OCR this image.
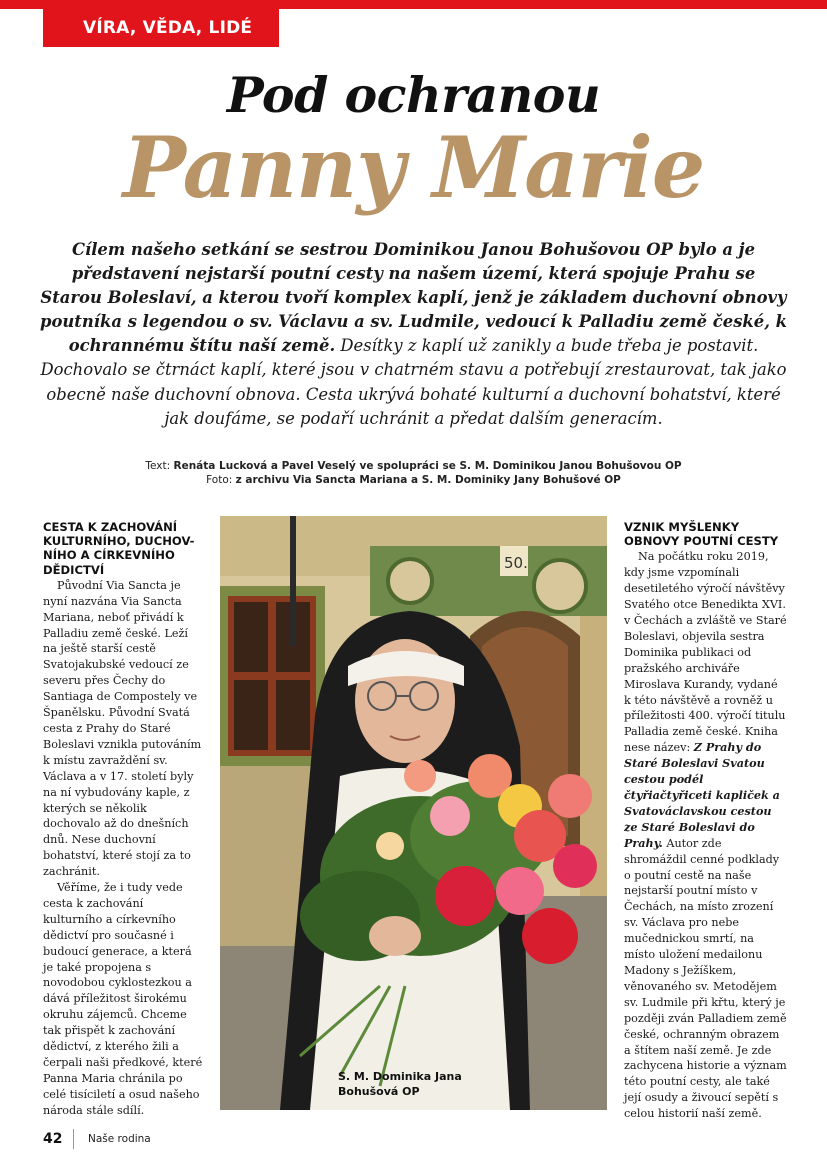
VÍRA, VĚDA, LIDÉ
Pod ochranou
Panny Marie

Cílem našeho setkání se sestrou Dominikou Janou Bohušovou OP bylo a je představení nejstarší poutní cesty na našem území, která spojuje Prahu se Starou Boleslaví, a kterou tvoří komplex kaplí, jenž je základem duchovní obnovy poutníka s legendou o sv. Václavu a sv. Ludmile, vedoucí k Palladiu země české, k ochrannému štítu naší země. Desítky z kaplí už zanikly a bude třeba je postavit. Dochovalo se čtrnáct kaplí, které jsou v chatrném stavu a potřebují zrestaurovat, tak jako obecně naše duchovní obnova. Cesta ukrývá bohaté kulturní a duchovní bohatství, které jak doufáme, se podaří uchránit a předat dalším generacím.

Text: Renáta Lucková a Pavel Veselý ve spolupráci se S. M. Dominikou Janou Bohušovou OP
Foto: z archivu Via Sancta Mariana a S. M. Dominiky Jany Bohušové OP
CESTA K ZACHOVÁNÍ KULTURNÍHO, DUCHOV-NÍHO A CÍRKEVNÍHO DĚDICTVÍ

Původní Via Sancta je nyní nazvána Via Sancta Mariana, neboť přivádí k Palladiu země české. Leží na ještě starší cestě Svatojakubské vedoucí ze severu přes Čechy do Santiaga de Compostely ve Španělsku. Původní Svatá cesta z Prahy do Staré Boleslavi vznikla putováním k místu zavraždění sv. Václava a v 17. století byly na ní vybudovány kaple, z kterých se několik dochovalo až do dnešních dnů. Nese duchovní bohatství, které stojí za to zachránit.

Věříme, že i tudy vede cesta k zachování kulturního a církevního dědictví pro současné i budoucí generace, a která je také propojena s novodobou cyklostezkou a dává příležitost širokému okruhu zájemců. Chceme tak přispět k zachování dědictví, z kterého žili a čerpali naši předkové, které Panna Maria chránila po celé tisíciletí a osud našeho národa stále sdílí.

50.
S. M. Dominika Jana Bohušová OP
VZNIK MYŠLENKY OBNOVY POUTNÍ CESTY

Na počátku roku 2019, kdy jsme vzpomínali desetiletého výročí návštěvy Svatého otce Benedikta XVI. v Čechách a zvláště ve Staré Boleslavi, objevila sestra Dominika publikaci od pražského archiváře Miroslava Kurandy, vydané k této návštěvě a rovněž u příležitosti 400. výročí titulu Palladia země české. Kniha nese název: Z Prahy do Staré Boleslavi Svatou cestou podél čtyřiačtyřiceti kapliček a Svatováclavskou cestou ze Staré Boleslavi do Prahy. Autor zde shromáždil cenné podklady o poutní cestě na naše nejstarší poutní místo v Čechách, na místo zrození sv. Václava pro nebe mučednickou smrtí, na místo uložení medailonu Madony s Ježíškem, věnovaného sv. Metodějem sv. Ludmile při křtu, který je později zván Palladiem země české, ochranným obrazem a štítem naší země. Je zde zachycena historie a význam této poutní cesty, ale také její osudy a živoucí sepětí s celou historií naší země.

42 Naše rodina
